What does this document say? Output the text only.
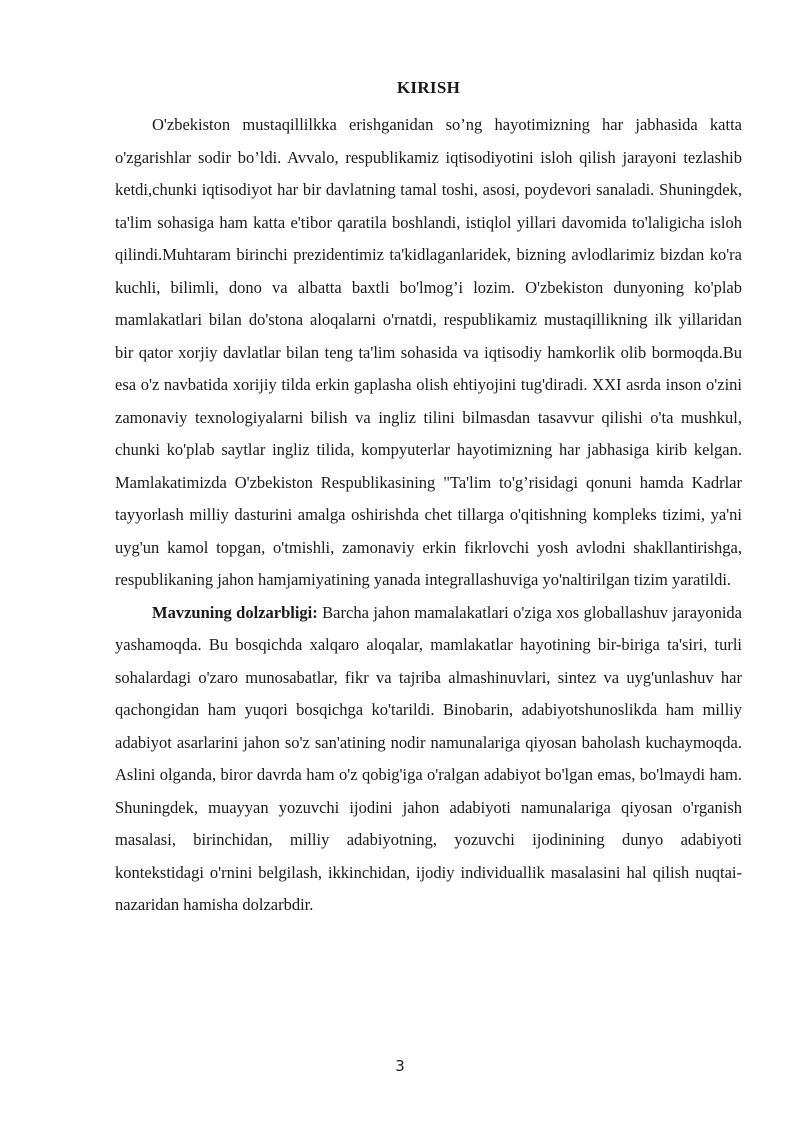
KIRISH

O'zbekiston mustaqillilkka erishganidan so’ng hayotimizning har jabhasida katta o'zgarishlar sodir bo’ldi. Avvalo, respublikamiz iqtisodiyotini isloh qilish jarayoni tezlashib ketdi,chunki iqtisodiyot har bir davlatning tamal toshi, asosi, poydevori sanaladi. Shuningdek, ta'lim sohasiga ham katta e'tibor qaratila boshlandi, istiqlol yillari davomida to'laligicha isloh qilindi.Muhtaram birinchi prezidentimiz ta'kidlaganlaridek, bizning avlodlarimiz bizdan ko'ra kuchli, bilimli, dono va albatta baxtli bo'lmog’i lozim. O'zbekiston dunyoning ko'plab mamlakatlari bilan do'stona aloqalarni o'rnatdi, respublikamiz mustaqillikning ilk yillaridan bir qator xorjiy davlatlar bilan teng ta'lim sohasida va iqtisodiy hamkorlik olib bormoqda.Bu esa o'z navbatida xorijiy tilda erkin gaplasha olish ehtiyojini tug'diradi. XXI asrda inson o'zini zamonaviy texnologiyalarni bilish va ingliz tilini bilmasdan tasavvur qilishi o'ta mushkul, chunki ko'plab saytlar ingliz tilida, kompyuterlar hayotimizning har jabhasiga kirib kelgan. Mamlakatimizda O'zbekiston Respublikasining "Ta'lim to'g’risidagi qonuni hamda Kadrlar tayyorlash milliy dasturini amalga oshirishda chet tillarga o'qitishning kompleks tizimi, ya'ni uyg'un kamol topgan, o'tmishli, zamonaviy erkin fikrlovchi yosh avlodni shakllantirishga, respublikaning jahon hamjamiyatining yanada integrallashuviga yo'naltirilgan tizim yaratildi.

Mavzuning dolzarbligi: Barcha jahon mamalakatlari o'ziga xos globallashuv jarayonida yashamoqda. Bu bosqichda xalqaro aloqalar, mamlakatlar hayotining bir-biriga ta'siri, turli sohalardagi o'zaro munosabatlar, fikr va tajriba almashinuvlari, sintez va uyg'unlashuv har qachongidan ham yuqori bosqichga ko'tarildi. Binobarin, adabiyotshunoslikda ham milliy adabiyot asarlarini jahon so'z san'atining nodir namunalariga qiyosan baholash kuchaymoqda. Aslini olganda, biror davrda ham o'z qobig'iga o'ralgan adabiyot bo'lgan emas, bo'lmaydi ham. Shuningdek, muayyan yozuvchi ijodini jahon adabiyoti namunalariga qiyosan o'rganish masalasi, birinchidan, milliy adabiyotning, yozuvchi ijodinining dunyo adabiyoti kontekstidagi o'rnini belgilash, ikkinchidan, ijodiy individuallik masalasini hal qilish nuqtai- nazaridan hamisha dolzarbdir.

3
